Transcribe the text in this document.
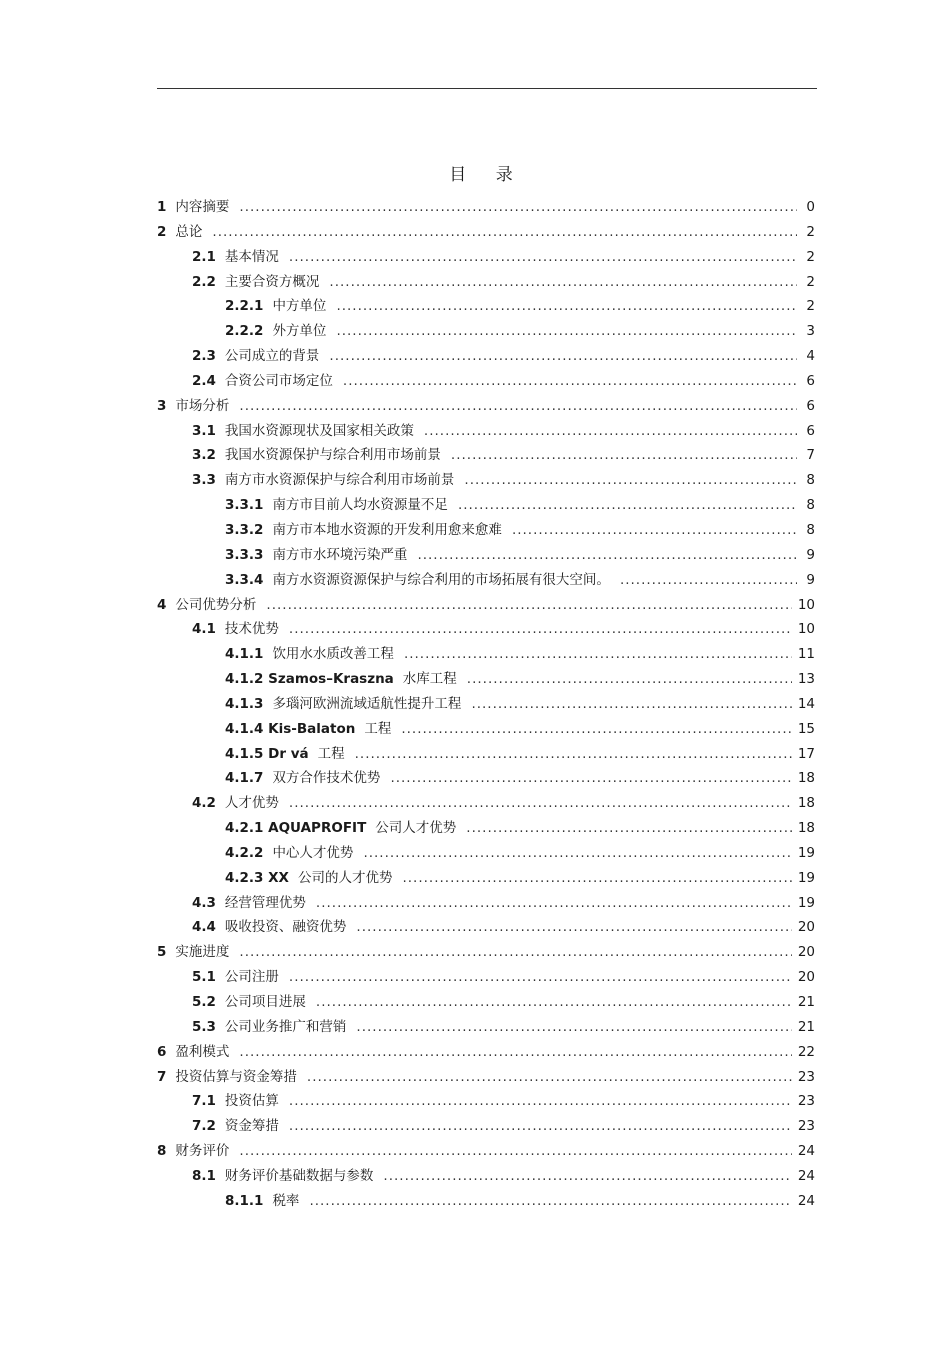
目 录
1 内容摘要 .....	0
2 总论 .....	2
2.1 基本情况 .....	2
2.2 主要合资方概况 .....	2
2.2.1 中方单位 .....	2
2.2.2 外方单位 .....	3
2.3 公司成立的背景 .....	4
2.4 合资公司市场定位 .....	6
3 市场分析 .....	6
3.1 我国水资源现状及国家相关政策 .....	6
3.2 我国水资源保护与综合利用市场前景 .....	7
3.3 南方市水资源保护与综合利用市场前景 .....	8
3.3.1 南方市目前人均水资源量不足 .....	8
3.3.2 南方市本地水资源的开发利用愈来愈难 .....	8
3.3.3 南方市水环境污染严重 .....	9
3.3.4 南方水资源资源保护与综合利用的市场拓展有很大空间。 .....	9
4 公司优势分析 .....	10
4.1 技术优势 .....	10
4.1.1 饮用水水质改善工程 .....	11
4.1.2 Szamos–Kraszna 水库工程 .....	13
4.1.3 多瑙河欧洲流域适航性提升工程 .....	14
4.1.4 Kis-Balaton 工程 .....	15
4.1.5 Dr vá 工程 .....	17
4.1.7 双方合作技术优势 .....	18
4.2 人才优势 .....	18
4.2.1 AQUAPROFIT 公司人才优势 .....	18
4.2.2 中心人才优势 .....	19
4.2.3 XX 公司的人才优势 .....	19
4.3 经营管理优势 .....	19
4.4 吸收投资、融资优势 .....	20
5 实施进度 .....	20
5.1 公司注册 .....	20
5.2 公司项目进展 .....	21
5.3 公司业务推广和营销 .....	21
6 盈利模式 .....	22
7 投资估算与资金筹措 .....	23
7.1 投资估算 .....	23
7.2 资金筹措 .....	23
8 财务评价 .....	24
8.1 财务评价基础数据与参数 .....	24
8.1.1 税率 .....	24
